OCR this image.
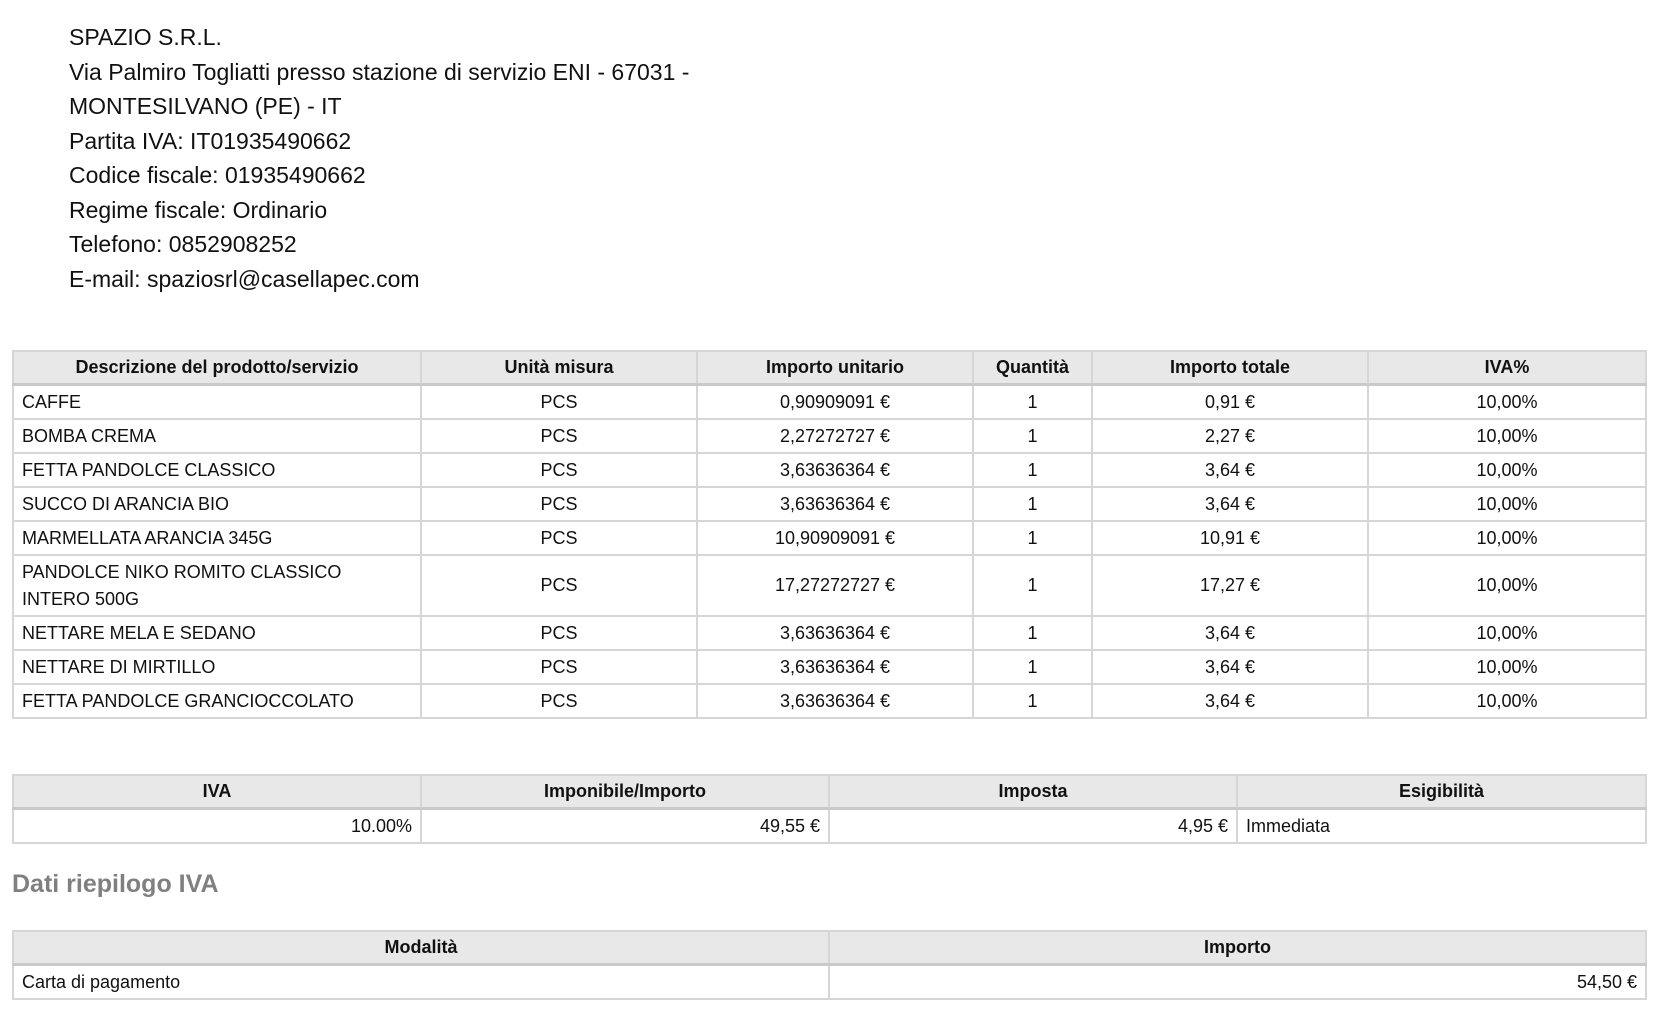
SPAZIO S.R.L.
Via Palmiro Togliatti presso stazione di servizio ENI - 67031 - MONTESILVANO (PE) - IT
Partita IVA: IT01935490662
Codice fiscale: 01935490662
Regime fiscale: Ordinario
Telefono: 0852908252
E-mail: spaziosrl@casellapec.com
Descrizione del prodotto/servizio	Unità misura	Importo unitario	Quantità	Importo totale	IVA%
CAFFE	PCS	0,90909091 €	1	0,91 €	10,00%
BOMBA CREMA	PCS	2,27272727 €	1	2,27 €	10,00%
FETTA PANDOLCE CLASSICO	PCS	3,63636364 €	1	3,64 €	10,00%
SUCCO DI ARANCIA BIO	PCS	3,63636364 €	1	3,64 €	10,00%
MARMELLATA ARANCIA 345G	PCS	10,90909091 €	1	10,91 €	10,00%
PANDOLCE NIKO ROMITO CLASSICO INTERO 500G	PCS	17,27272727 €	1	17,27 €	10,00%
NETTARE MELA E SEDANO	PCS	3,63636364 €	1	3,64 €	10,00%
NETTARE DI MIRTILLO	PCS	3,63636364 €	1	3,64 €	10,00%
FETTA PANDOLCE GRANCIOCCOLATO	PCS	3,63636364 €	1	3,64 €	10,00%
IVA	Imponibile/Importo	Imposta	Esigibilità
10.00%	49,55 €	4,95 €	Immediata
Dati riepilogo IVA
Modalità	Importo
Carta di pagamento	54,50 €
